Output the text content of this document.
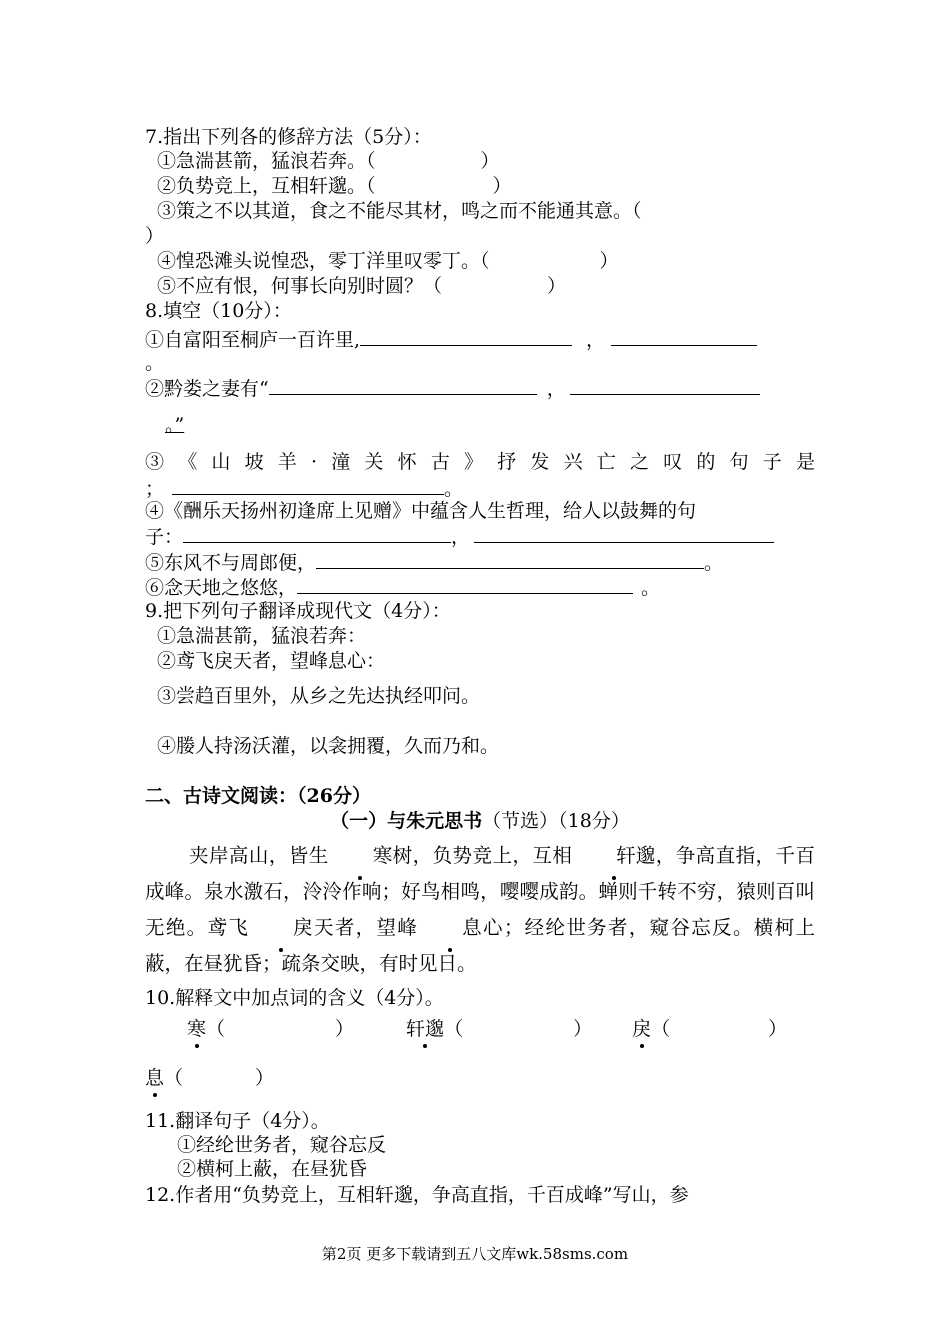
7.指出下列各的修辞方法（5分）：
①急湍甚箭，猛浪若奔。（	）
②负势竞上，互相轩邈。（	）
③策之不以其道，食之不能尽其材，鸣之而不能通其意。（
）
④惶恐滩头说惶恐，零丁洋里叹零丁。（	）
⑤不应有恨，何事长向别时圆？（	）
8.填空（10分）：
①自富阳至桐庐一百许里,	，
。
②黔娄之妻有“	，
。”
③《山坡羊·潼关怀古》抒发兴亡之叹的句子是
；	。
④《酬乐天扬州初逢席上见赠》中蕴含人生哲理，给人以鼓舞的句
子：	，
⑤东风不与周郎便，	。
⑥念天地之悠悠，	。
9.把下列句子翻译成现代文（4分）：
①急湍甚箭，猛浪若奔：
②鸢飞戾天者，望峰息心：
③尝趋百里外，从乡之先达执经叩问。
④媵人持汤沃灌，以衾拥覆，久而乃和。
二、古诗文阅读：（26分）
（一）与朱元思书（节选）（18分）
夹岸高山，皆生 寒树，负势竞上，互相 轩邈，争高直指，千百成峰。泉水激石，泠泠作响；好鸟相鸣，嘤嘤成韵。蝉则千转不穷，猿则百叫无绝。鸢飞 戾天者，望峰 息心；经纶世务者，窥谷忘反。横柯上蔽，在昼犹昏；疏条交映，有时见日。
10.解释文中加点词的含义（4分）。
寒（	）	轩邈（	） 戾（	）
息（	）
11.翻译句子（4分）。
①经纶世务者，窥谷忘反
②横柯上蔽，在昼犹昏
12.作者用“负势竞上，互相轩邈，争高直指，千百成峰”写山，参
第2页 更多下载请到五八文库wk.58sms.com
